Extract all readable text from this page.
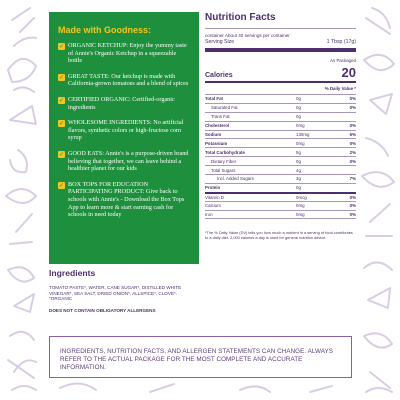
Made with Goodness:
✓ ORGANIC KETCHUP: Enjoy the yummy taste of Annie's Organic Ketchup in a squeezable bottle
✓ GREAT TASTE: Our ketchup is made with California-grown tomatoes and a blend of spices
✓ CERTIFIED ORGANIC: Certified-organic ingredients
✓ WHOLESOME INGREDIENTS: No artificial flavors, synthetic colors or high-fructose corn syrup
✓ GOOD EATS: Annie's is a purpose-driven brand believing that together, we can leave behind a healthier planet for our kids
✓ BOX TOPS FOR EDUCATION PARTICIPATING PRODUCT: Give back to schools with Annie's - Download the Box Tops App to learn more & start earning cash for schools in need today
Ingredients

TOMATO PASTE*, WATER, CANE SUGAR*, DISTILLED WHITE VINEGAR*, SEA SALT, DRIED ONION*, ALLSPICE*, CLOVE*. *ORGANIC

DOES NOT CONTAIN OBLIGATORY ALLERGENS

Nutrition Facts

container About 40 servings per container

Serving Size	1 Tbsp (17g)

As Packaged

Calories	20

% Daily Value *

Total Fat	0g	0%
Saturated Fat	0g	0%
Trans Fat	0g
Cholesterol	0mg	0%
Sodium	130mg	6%
Potassium	0mg	0%
Total Carbohydrate	5g	2%
Dietary Fiber	0g	0%
Total Sugars	4g
Incl. Added Sugars	3g	7%
Protein	0g
Vitamin D	0mcg	0%
Calcium	0mg	0%
Iron	0mg	0%

*The % Daily Value (DV) tells you how much a nutrient in a serving of food contributes to a daily diet. 2,000 calories a day is used for general nutrition advice.

INGREDIENTS, NUTRITION FACTS, AND ALLERGEN STATEMENTS CAN CHANGE. ALWAYS REFER TO THE ACTUAL PACKAGE FOR THE MOST COMPLETE AND ACCURATE INFORMATION.
